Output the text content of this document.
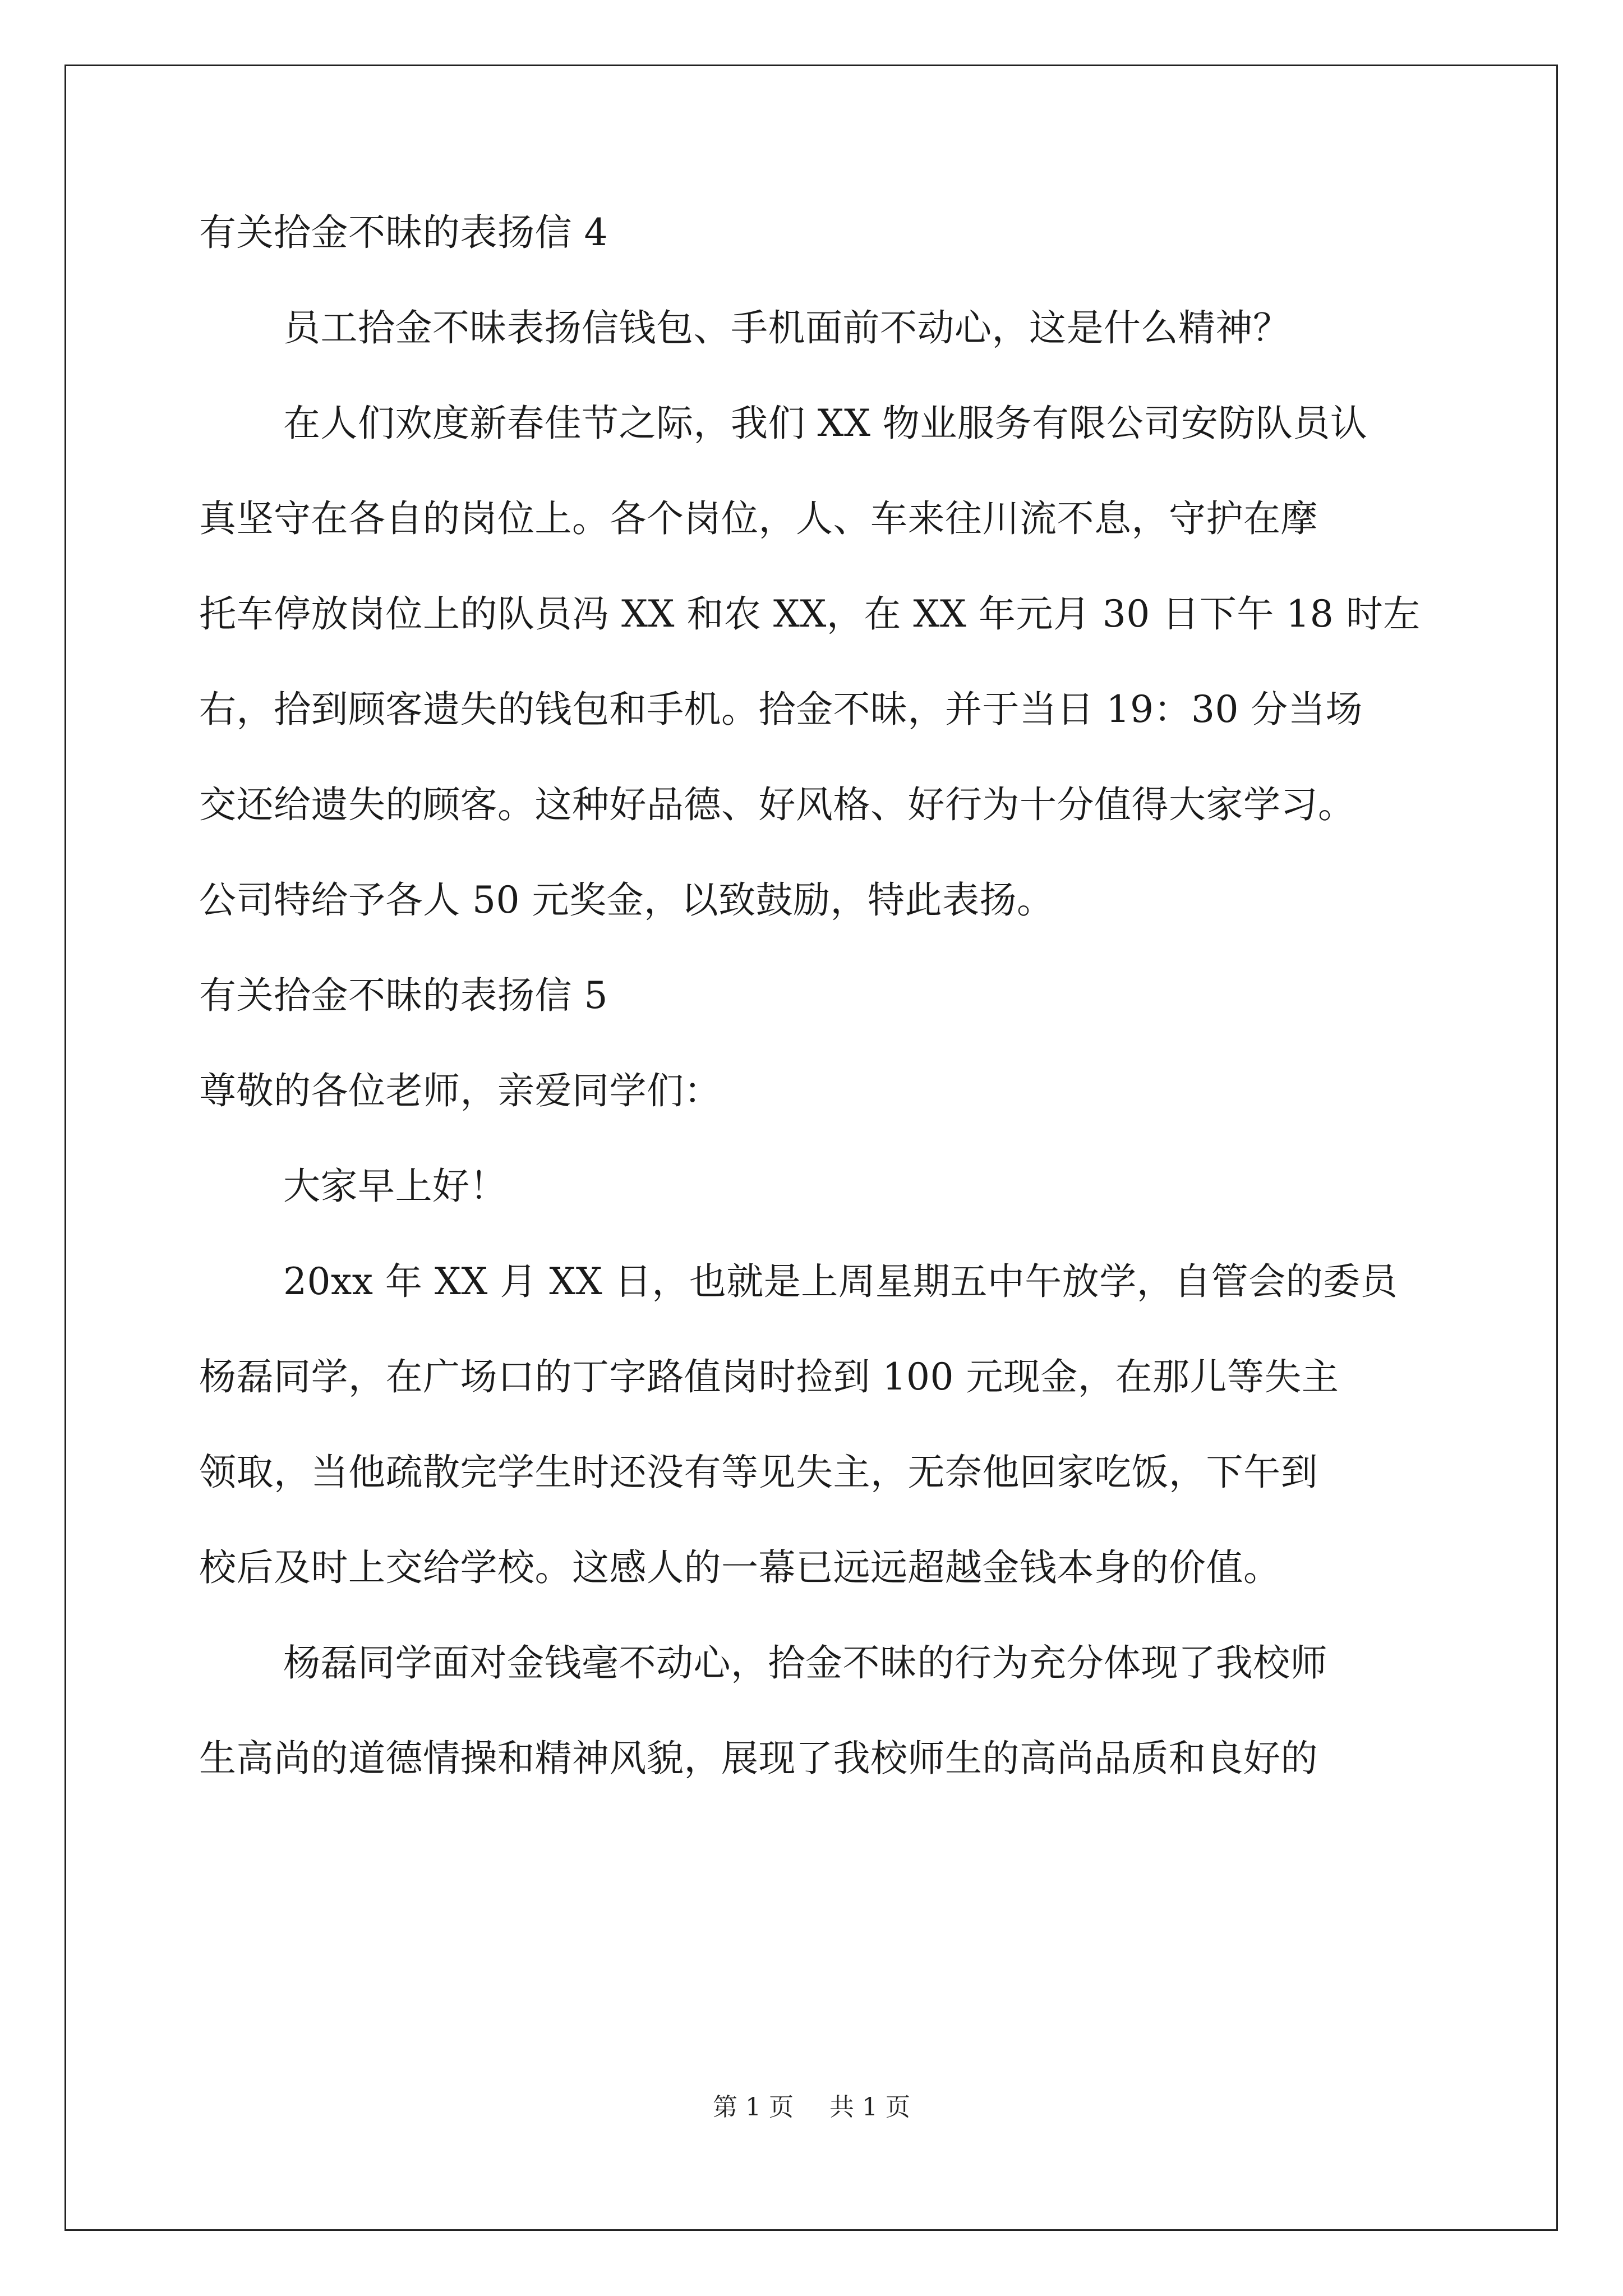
有关拾金不昧的表扬信 4

员工拾金不昧表扬信钱包、手机面前不动心，这是什么精神？

在人们欢度新春佳节之际，我们 XX 物业服务有限公司安防队员认

真坚守在各自的岗位上。各个岗位，人、车来往川流不息，守护在摩

托车停放岗位上的队员冯 XX 和农 XX，在 XX 年元月 30 日下午 18 时左

右，拾到顾客遗失的钱包和手机。拾金不昧，并于当日 19：30 分当场

交还给遗失的顾客。这种好品德、好风格、好行为十分值得大家学习。

公司特给予各人 50 元奖金，以致鼓励，特此表扬。

有关拾金不昧的表扬信 5

尊敬的各位老师，亲爱同学们：

大家早上好！

20xx 年 XX 月 XX 日，也就是上周星期五中午放学，自管会的委员

杨磊同学，在广场口的丁字路值岗时捡到 100 元现金，在那儿等失主

领取，当他疏散完学生时还没有等见失主，无奈他回家吃饭，下午到

校后及时上交给学校。这感人的一幕已远远超越金钱本身的价值。

杨磊同学面对金钱毫不动心，拾金不昧的行为充分体现了我校师

生高尚的道德情操和精神风貌，展现了我校师生的高尚品质和良好的

第 1 页 共 1 页
